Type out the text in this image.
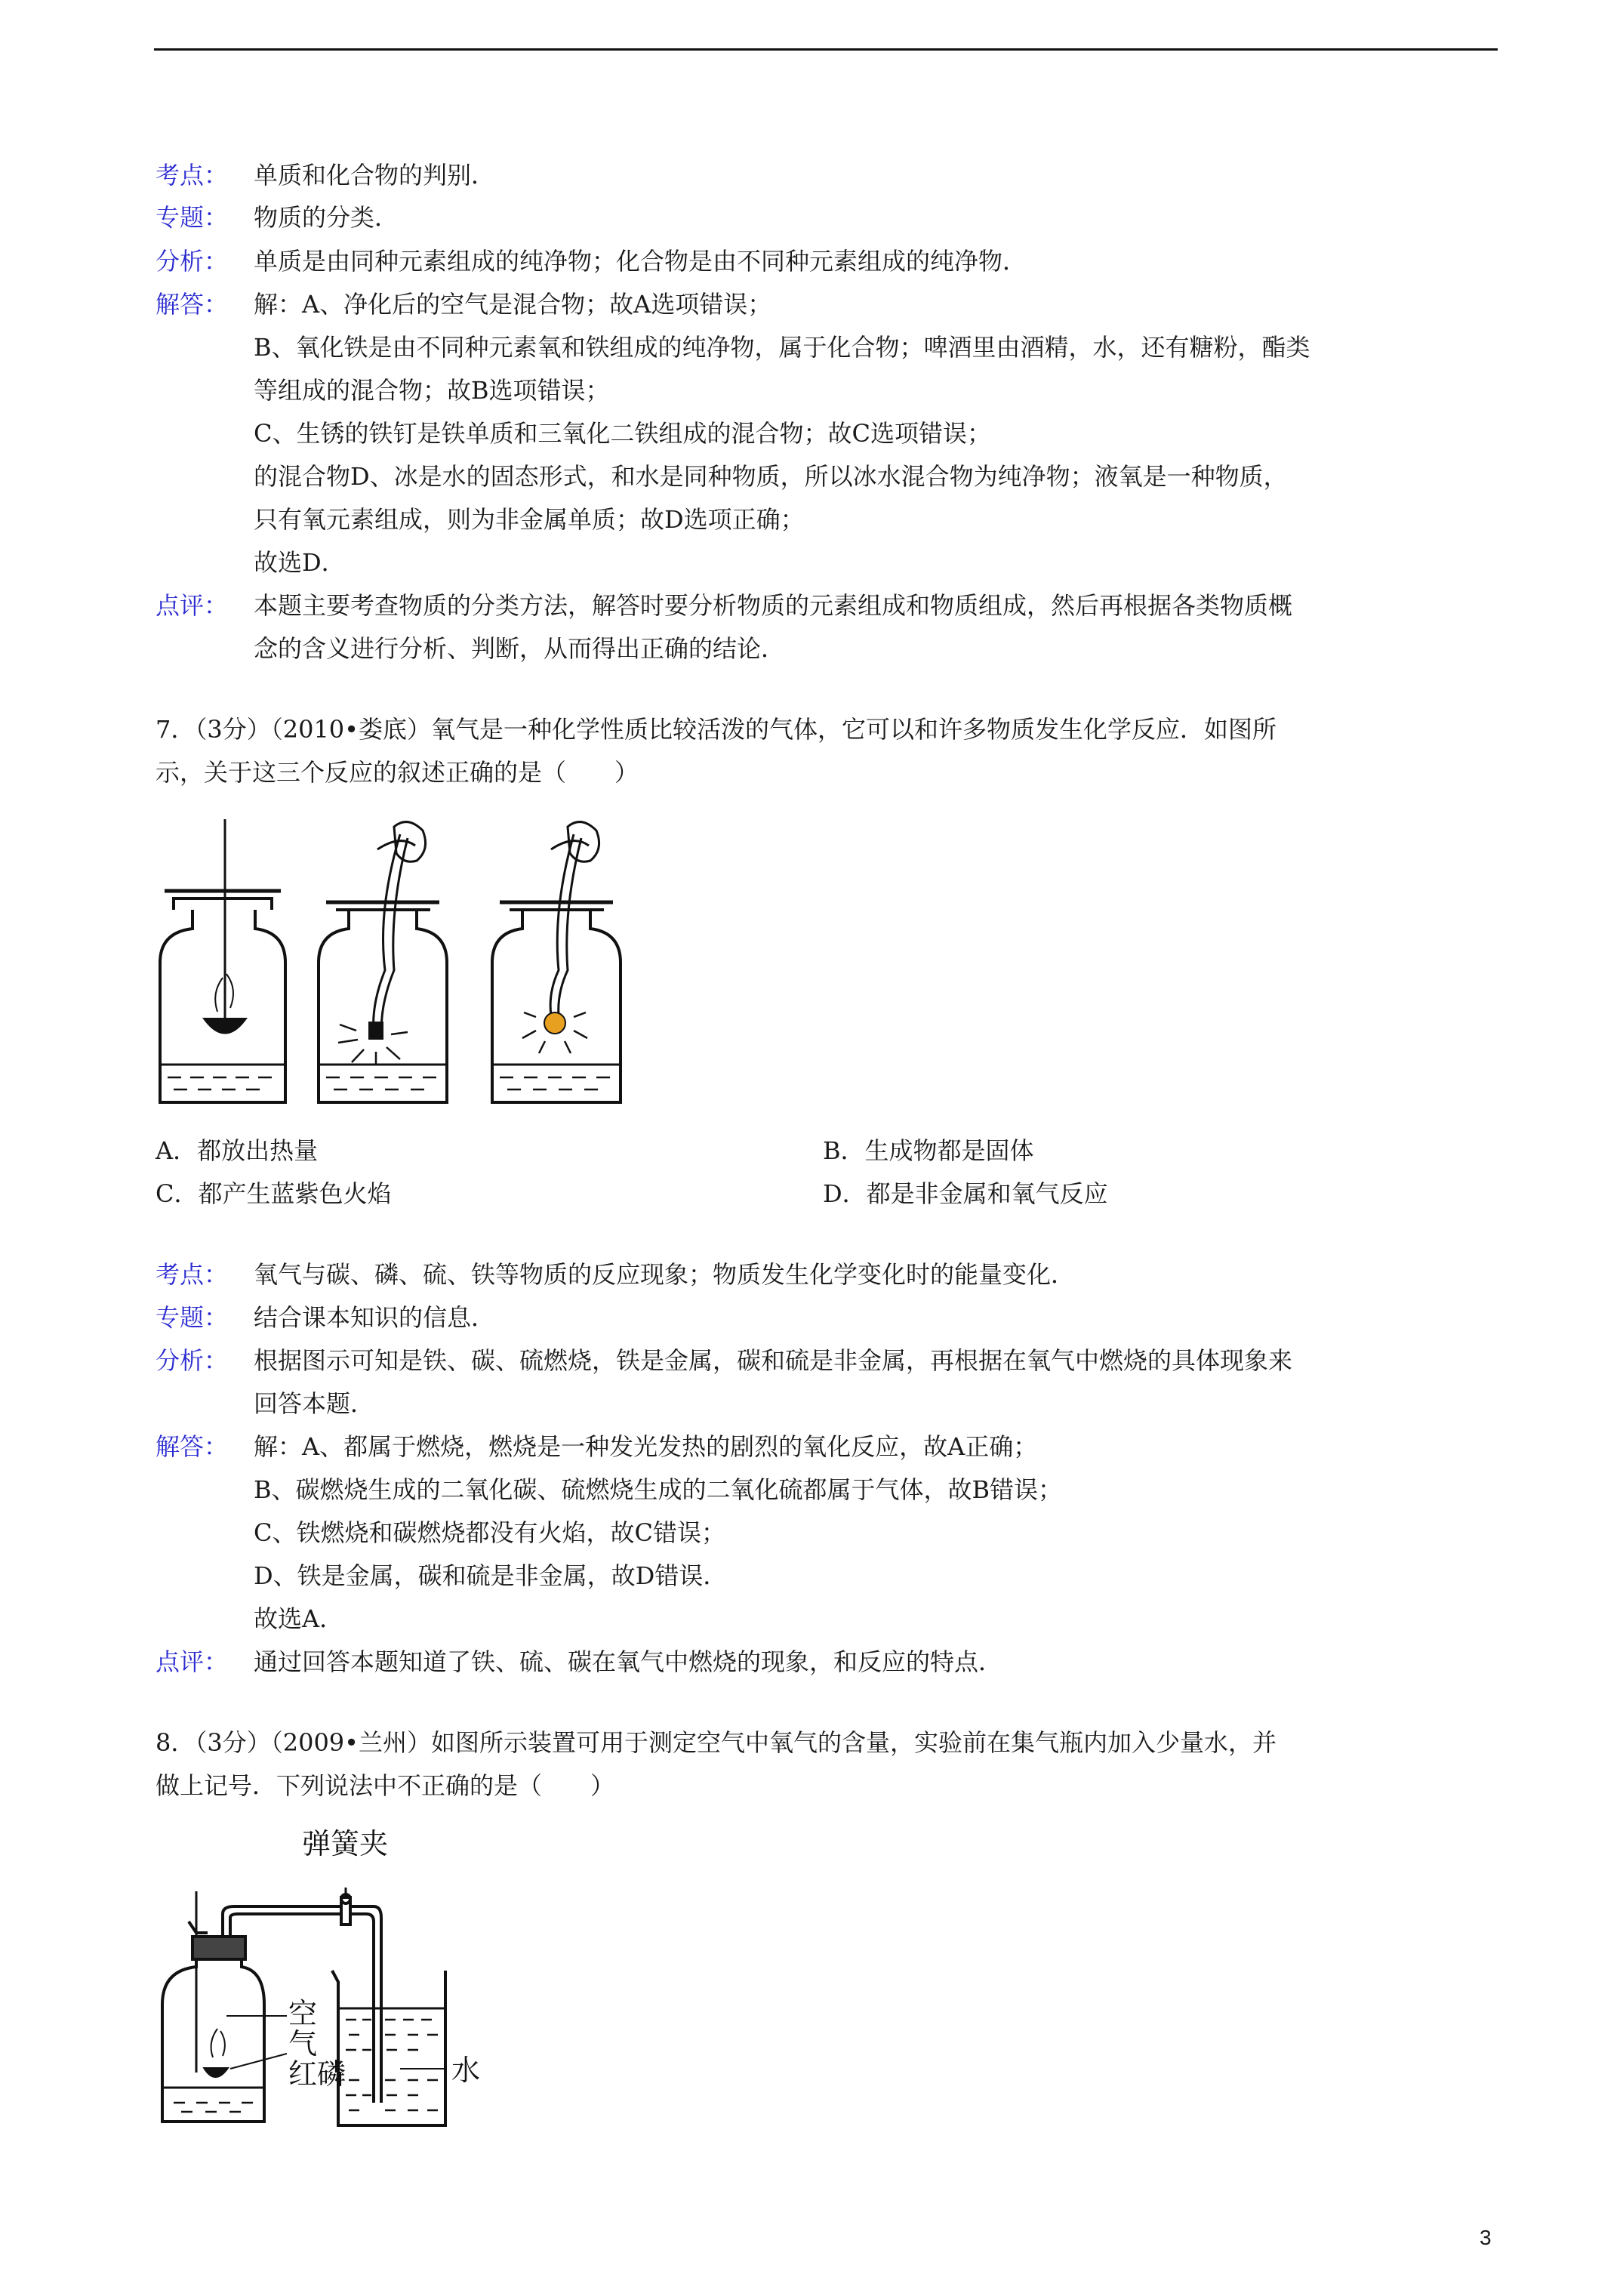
考点： 单质和化合物的判别．
专题： 物质的分类．
分析： 单质是由同种元素组成的纯净物；化合物是由不同种元素组成的纯净物．
解答： 解：A、净化后的空气是混合物；故A选项错误；
B、氧化铁是由不同种元素氧和铁组成的纯净物，属于化合物；啤酒里由酒精，水，还有糖粉，酯类
等组成的混合物；故B选项错误；
C、生锈的铁钉是铁单质和三氧化二铁组成的混合物；故C选项错误；
的混合物D、冰是水的固态形式，和水是同种物质，所以冰水混合物为纯净物；液氧是一种物质，
只有氧元素组成，则为非金属单质；故D选项正确；
故选D．
点评： 本题主要考查物质的分类方法，解答时要分析物质的元素组成和物质组成，然后再根据各类物质概
念的含义进行分析、判断，从而得出正确的结论．
7．（3分）（2010•娄底）氧气是一种化学性质比较活泼的气体，它可以和许多物质发生化学反应．如图所
示，关于这三个反应的叙述正确的是（　　）
A．都放出热量	B．生成物都是固体
C．都产生蓝紫色火焰	D．都是非金属和氧气反应
考点： 氧气与碳、磷、硫、铁等物质的反应现象；物质发生化学变化时的能量变化．
专题： 结合课本知识的信息．
分析： 根据图示可知是铁、碳、硫燃烧，铁是金属，碳和硫是非金属，再根据在氧气中燃烧的具体现象来
回答本题．
解答： 解：A、都属于燃烧，燃烧是一种发光发热的剧烈的氧化反应，故A正确；
B、碳燃烧生成的二氧化碳、硫燃烧生成的二氧化硫都属于气体，故B错误；
C、铁燃烧和碳燃烧都没有火焰，故C错误；
D、铁是金属，碳和硫是非金属，故D错误．
故选A．
点评： 通过回答本题知道了铁、硫、碳在氧气中燃烧的现象，和反应的特点．
8．（3分）（2009•兰州）如图所示装置可用于测定空气中氧气的含量，实验前在集气瓶内加入少量水，并
做上记号．下列说法中不正确的是（　　）
弹簧夹
空
气
红磷	水
3
